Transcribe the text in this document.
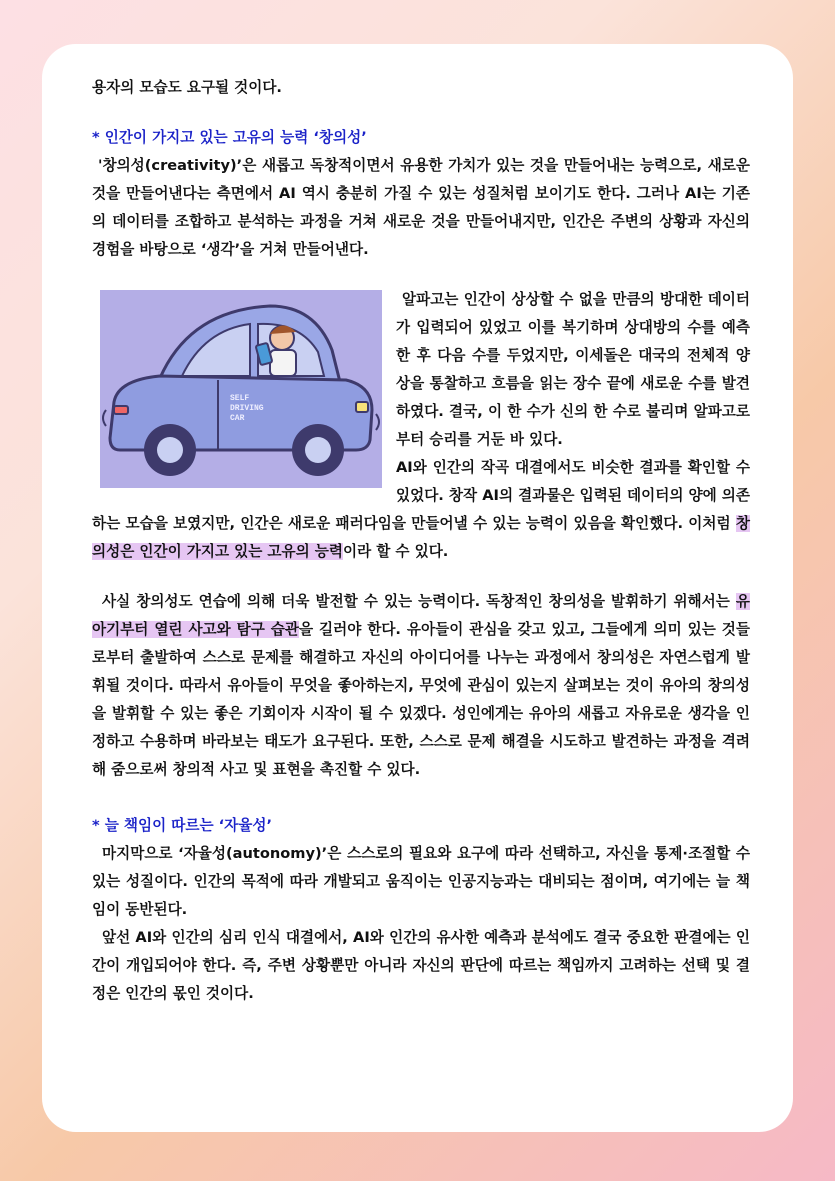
용자의 모습도 요구될 것이다.

* 인간이 가지고 있는 고유의 능력 ‘창의성’

'창의성(creativity)’은 새롭고 독창적이면서 유용한 가치가 있는 것을 만들어내는 능력으로, 새로운 것을 만들어낸다는 측면에서 AI 역시 충분히 가질 수 있는 성질처럼 보이기도 한다. 그러나 AI는 기존의 데이터를 조합하고 분석하는 과정을 거쳐 새로운 것을 만들어내지만, 인간은 주변의 상황과 자신의 경험을 바탕으로 ‘생각’을 거쳐 만들어낸다.

SELF
DRIVING
CAR

알파고는 인간이 상상할 수 없을 만큼의 방대한 데이터가 입력되어 있었고 이를 복기하며 상대방의 수를 예측한 후 다음 수를 두었지만, 이세돌은 대국의 전체적 양상을 통찰하고 흐름을 읽는 장수 끝에 새로운 수를 발견하였다. 결국, 이 한 수가 신의 한 수로 불리며 알파고로부터 승리를 거둔 바 있다.

AI와 인간의 작곡 대결에서도 비슷한 결과를 확인할 수 있었다. 창작 AI의 결과물은 입력된 데이터의 양에 의존하는 모습을 보였지만, 인간은 새로운 패러다임을 만들어낼 수 있는 능력이 있음을 확인했다. 이처럼 창의성은 인간이 가지고 있는 고유의 능력이라 할 수 있다.

사실 창의성도 연습에 의해 더욱 발전할 수 있는 능력이다. 독창적인 창의성을 발휘하기 위해서는 유아기부터 열린 사고와 탐구 습관을 길러야 한다. 유아들이 관심을 갖고 있고, 그들에게 의미 있는 것들로부터 출발하여 스스로 문제를 해결하고 자신의 아이디어를 나누는 과정에서 창의성은 자연스럽게 발휘될 것이다. 따라서 유아들이 무엇을 좋아하는지, 무엇에 관심이 있는지 살펴보는 것이 유아의 창의성을 발휘할 수 있는 좋은 기회이자 시작이 될 수 있겠다. 성인에게는 유아의 새롭고 자유로운 생각을 인정하고 수용하며 바라보는 태도가 요구된다. 또한, 스스로 문제 해결을 시도하고 발견하는 과정을 격려해 줌으로써 창의적 사고 및 표현을 촉진할 수 있다.

* 늘 책임이 따르는 ‘자율성’

마지막으로 ‘자율성(autonomy)’은 스스로의 필요와 요구에 따라 선택하고, 자신을 통제·조절할 수 있는 성질이다. 인간의 목적에 따라 개발되고 움직이는 인공지능과는 대비되는 점이며, 여기에는 늘 책임이 동반된다.

앞선 AI와 인간의 심리 인식 대결에서, AI와 인간의 유사한 예측과 분석에도 결국 중요한 판결에는 인간이 개입되어야 한다. 즉, 주변 상황뿐만 아니라 자신의 판단에 따르는 책임까지 고려하는 선택 및 결정은 인간의 몫인 것이다.
